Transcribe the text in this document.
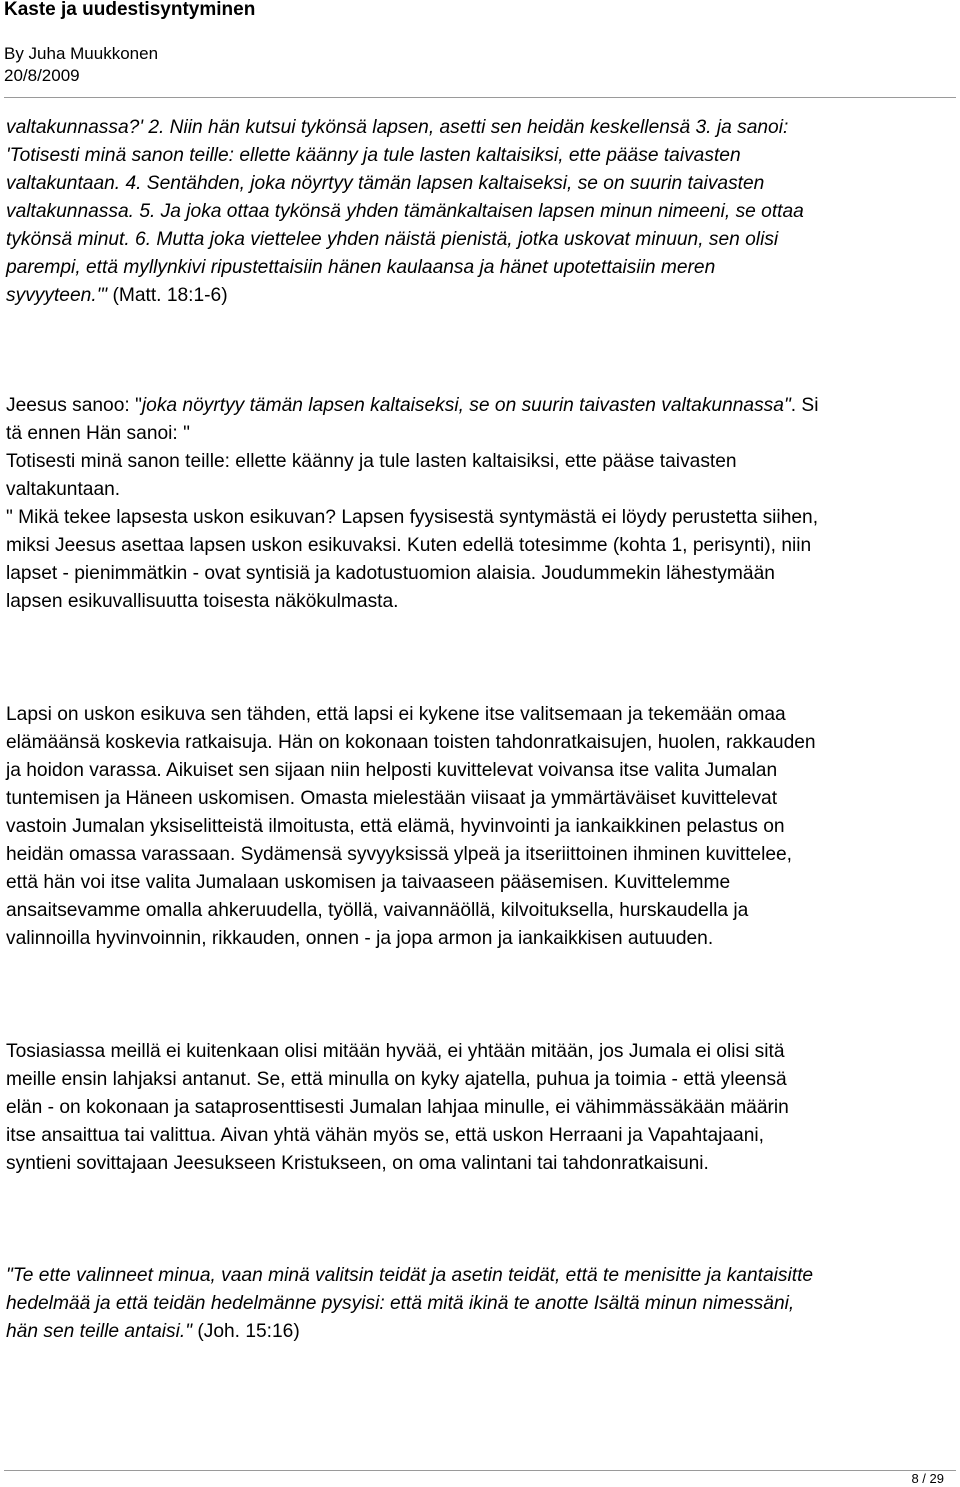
Kaste ja uudestisyntyminen
By Juha Muukkonen
20/8/2009
valtakunnassa?' 2. Niin hän kutsui tykönsä lapsen, asetti sen heidän keskellensä 3. ja sanoi:
'Totisesti minä sanon teille: ellette käänny ja tule lasten kaltaisiksi, ette pääse taivasten
valtakuntaan. 4. Sentähden, joka nöyrtyy tämän lapsen kaltaiseksi, se on suurin taivasten
valtakunnassa. 5. Ja joka ottaa tykönsä yhden tämänkaltaisen lapsen minun nimeeni, se ottaa
tykönsä minut. 6. Mutta joka viettelee yhden näistä pienistä, jotka uskovat minuun, sen olisi
parempi, että myllynkivi ripustettaisiin hänen kaulaansa ja hänet upotettaisiin meren
syvyyteen.'" (Matt. 18:1-6)
Jeesus sanoo: "joka nöyrtyy tämän lapsen kaltaiseksi, se on suurin taivasten valtakunnassa". Si
tä ennen Hän sanoi: "
Totisesti minä sanon teille: ellette käänny ja tule lasten kaltaisiksi, ette pääse taivasten
valtakuntaan.
" Mikä tekee lapsesta uskon esikuvan? Lapsen fyysisestä syntymästä ei löydy perustetta siihen,
miksi Jeesus asettaa lapsen uskon esikuvaksi. Kuten edellä totesimme (kohta 1, perisynti), niin
lapset - pienimmätkin - ovat syntisiä ja kadotustuomion alaisia. Joudummekin lähestymään
lapsen esikuvallisuutta toisesta näkökulmasta.
Lapsi on uskon esikuva sen tähden, että lapsi ei kykene itse valitsemaan ja tekemään omaa
elämäänsä koskevia ratkaisuja. Hän on kokonaan toisten tahdonratkaisujen, huolen, rakkauden
ja hoidon varassa. Aikuiset sen sijaan niin helposti kuvittelevat voivansa itse valita Jumalan
tuntemisen ja Häneen uskomisen. Omasta mielestään viisaat ja ymmärtäväiset kuvittelevat
vastoin Jumalan yksiselitteistä ilmoitusta, että elämä, hyvinvointi ja iankaikkinen pelastus on
heidän omassa varassaan. Sydämensä syvyyksissä ylpeä ja itseriittoinen ihminen kuvittelee,
että hän voi itse valita Jumalaan uskomisen ja taivaaseen pääsemisen. Kuvittelemme
ansaitsevamme omalla ahkeruudella, työllä, vaivannäöllä, kilvoituksella, hurskaudella ja
valinnoilla hyvinvoinnin, rikkauden, onnen - ja jopa armon ja iankaikkisen autuuden.
Tosiasiassa meillä ei kuitenkaan olisi mitään hyvää, ei yhtään mitään, jos Jumala ei olisi sitä
meille ensin lahjaksi antanut. Se, että minulla on kyky ajatella, puhua ja toimia - että yleensä
elän - on kokonaan ja sataprosenttisesti Jumalan lahjaa minulle, ei vähimmässäkään määrin
itse ansaittua tai valittua. Aivan yhtä vähän myös se, että uskon Herraani ja Vapahtajaani,
syntieni sovittajaan Jeesukseen Kristukseen, on oma valintani tai tahdonratkaisuni.
"Te ette valinneet minua, vaan minä valitsin teidät ja asetin teidät, että te menisitte ja kantaisitte
hedelmää ja että teidän hedelmänne pysyisi: että mitä ikinä te anotte Isältä minun nimessäni,
hän sen teille antaisi." (Joh. 15:16)
8 / 29
